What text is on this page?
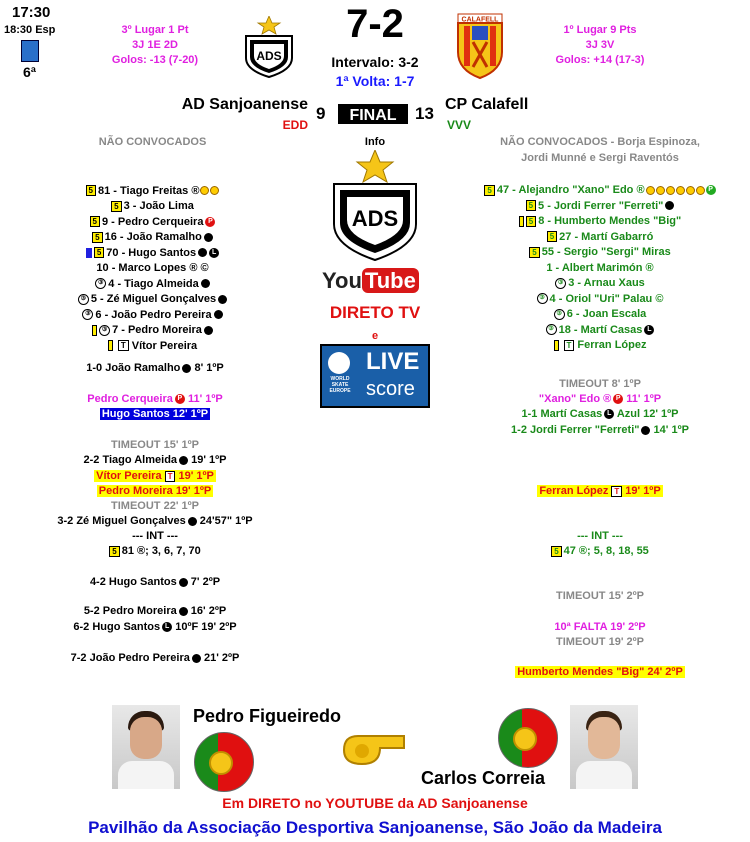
17:30
18:30 Esp
6ª
3º Lugar 1 Pt
3J 1E 2D
Golos: -13 (7-20)
1º Lugar 9 Pts
3J 3V
Golos: +14 (17-3)
ADS
CALAFELL
7-2
Intervalo: 3-2
1ª Volta: 1-7
AD Sanjoanense
EDD
9	FINAL	13 CP Calafell
VVV
NÃO CONVOCADOS
5 81 - Tiago Freitas ®
5 3 - João Lima
5 9 - Pedro Cerqueira P
5 16 - João Ramalho
5 70 - Hugo Santos L
10 - Marco Lopes ® ©
③ 4 - Tiago Almeida
③ 5 - Zé Miguel Gonçalves
③ 6 - João Pedro Pereira
③ 7 - Pedro Moreira
T Vítor Pereira
NÃO CONVOCADOS - Borja Espinoza,
Jordi Munné e Sergi Raventós
5 47 - Alejandro "Xano" Edo ®	P
5 5 - Jordi Ferrer "Ferreti"
5 8 - Humberto Mendes "Big"
5 27 - Martí Gabarró
5 55 - Sergio "Sergi" Miras
1 - Albert Marimón ®
③ 3 - Arnau Xaus
③ 4 - Oriol "Uri" Palau ©
③ 6 - Joan Escala
③ 18 - Martí Casas L
T Ferran López
Info
ADS
You Tube
DIRETO TV
e
WORLD SKATE EUROPE
LIVE
score
1-0 João Ramalho 8' 1ºP
Pedro Cerqueira P 11' 1ºP
Hugo Santos 12' 1ºP
TIMEOUT 15' 1ºP
2-2 Tiago Almeida 19' 1ºP
Vítor Pereira T 19' 1ºP
Pedro Moreira 19' 1ºP
TIMEOUT 22' 1ºP
3-2 Zé Miguel Gonçalves 24'57" 1ºP
--- INT ---
5 81 ®; 3, 6, 7, 70
4-2 Hugo Santos 7' 2ºP
5-2 Pedro Moreira 16' 2ºP
6-2 Hugo Santos L 10ºF 19' 2ºP
7-2 João Pedro Pereira 21' 2ºP
TIMEOUT 8' 1ºP
"Xano" Edo ® P 11' 1ºP
1-1 Martí Casas L Azul 12' 1ºP
1-2 Jordi Ferrer "Ferreti" 14' 1ºP
Ferran López T 19' 1ºP
--- INT ---
5 47 ®; 5, 8, 18, 55
TIMEOUT 15' 2ºP
10ª FALTA 19' 2ºP
TIMEOUT 19' 2ºP
Humberto Mendes "Big" 24' 2ºP
Pedro Figueiredo
Carlos Correia
Em DIRETO no YOUTUBE da AD Sanjoanense
Pavilhão da Associação Desportiva Sanjoanense, São João da Madeira
